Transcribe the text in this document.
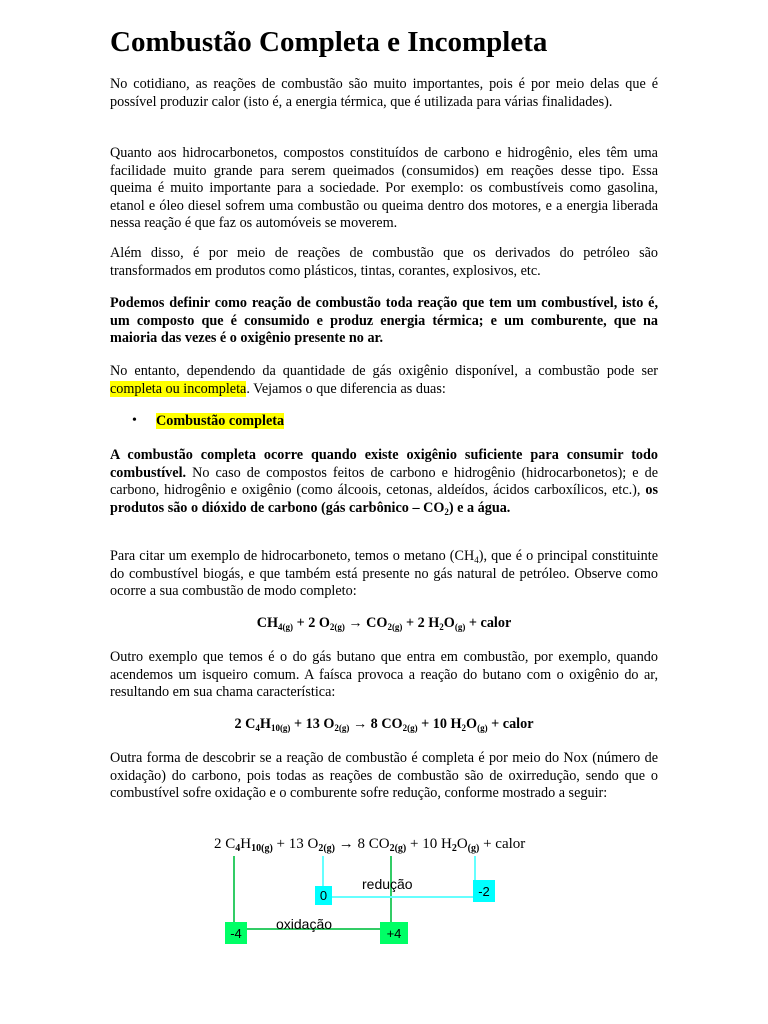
Combustão Completa e Incompleta

No cotidiano, as reações de combustão são muito importantes, pois é por meio delas que é possível produzir calor (isto é, a energia térmica, que é utilizada para várias finalidades).

Quanto aos hidrocarbonetos, compostos constituídos de carbono e hidrogênio, eles têm uma facilidade muito grande para serem queimados (consumidos) em reações desse tipo. Essa queima é muito importante para a sociedade. Por exemplo: os combustíveis como gasolina, etanol e óleo diesel sofrem uma combustão ou queima dentro dos motores, e a energia liberada nessa reação é que faz os automóveis se moverem.

Além disso, é por meio de reações de combustão que os derivados do petróleo são transformados em produtos como plásticos, tintas, corantes, explosivos, etc.

Podemos definir como reação de combustão toda reação que tem um combustível, isto é, um composto que é consumido e produz energia térmica; e um comburente, que na maioria das vezes é o oxigênio presente no ar.

No entanto, dependendo da quantidade de gás oxigênio disponível, a combustão pode ser completa ou incompleta. Vejamos o que diferencia as duas:

• Combustão completa

A combustão completa ocorre quando existe oxigênio suficiente para consumir todo combustível. No caso de compostos feitos de carbono e hidrogênio (hidrocarbonetos); e de carbono, hidrogênio e oxigênio (como álcoois, cetonas, aldeídos, ácidos carboxílicos, etc.), os produtos são o dióxido de carbono (gás carbônico – $CO_2$) e a água.

Para citar um exemplo de hidrocarboneto, temos o metano $(CH_4)$, que é o principal constituinte do combustível biogás, e que também está presente no gás natural de petróleo. Observe como ocorre a sua combustão de modo completo:

$CH_{4(g)} + 2$ $O_{2(g)} \to CO_{2(g)} + 2$ $H_2O_{(g)}$ + calor

Outro exemplo que temos é o do gás butano que entra em combustão, por exemplo, quando acendemos um isqueiro comum. A faísca provoca a reação do butano com o oxigênio do ar, resultando em sua chama característica:

2 $C_4H_{10(g)} + 13$ $O_{2(g)} \to 8$ $CO_{2(g)} + 10$ $H_2O_{(g)}$ + calor

Outra forma de descobrir se a reação de combustão é completa é por meio do Nox (número de oxidação) do carbono, pois todas as reações de combustão são de oxirredução, sendo que o combustível sofre oxidação e o comburente sofre redução, conforme mostrado a seguir:

2 $C_4H_{10(g)} + 13$ $O_{2(g)} \to 8$ $CO_{2(g)} + 10$ $H_2O_{(g)}$ + calor
redução
oxidação
0	-2
-4	+4
